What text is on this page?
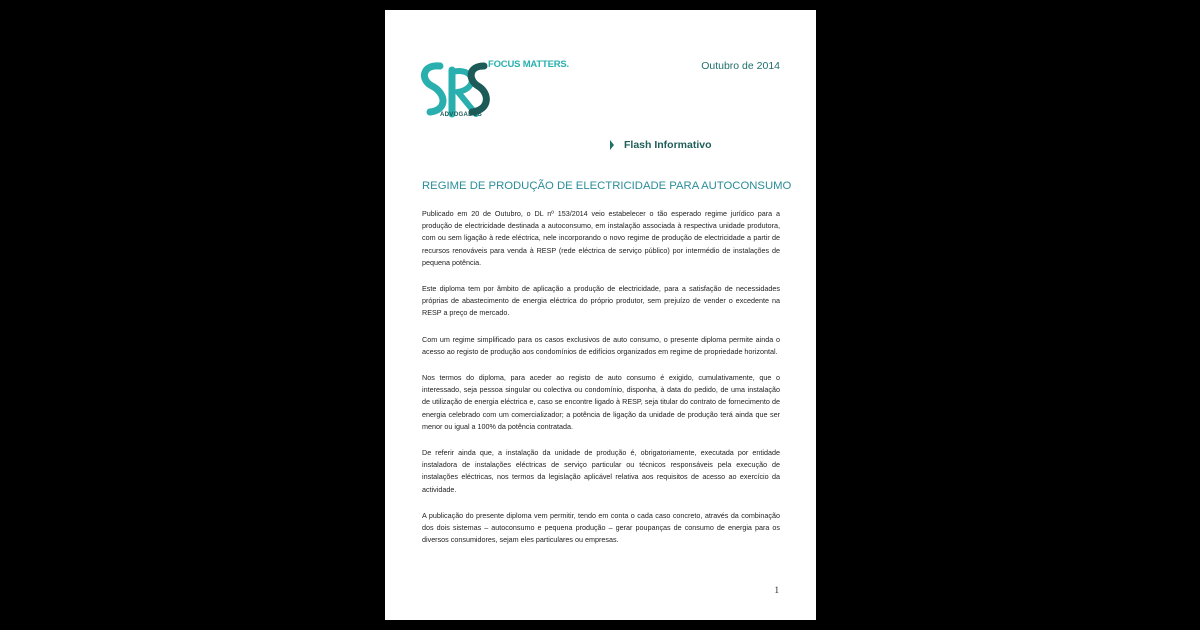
FOCUS MATTERS.
ADVOGADOS
Outubro de 2014
Flash Informativo
REGIME DE PRODUÇÃO DE ELECTRICIDADE PARA AUTOCONSUMO

Publicado em 20 de Outubro, o DL nº 153/2014 veio estabelecer o tão esperado regime jurídico para a produção de electricidade destinada a autoconsumo, em instalação associada à respectiva unidade produtora, com ou sem ligação à rede eléctrica, nele incorporando o novo regime de produção de electricidade a partir de recursos renováveis para venda à RESP (rede eléctrica de serviço público) por intermédio de instalações de pequena potência.

Este diploma tem por âmbito de aplicação a produção de electricidade, para a satisfação de necessidades próprias de abastecimento de energia eléctrica do próprio produtor, sem prejuízo de vender o excedente na RESP a preço de mercado.

Com um regime simplificado para os casos exclusivos de auto consumo, o presente diploma permite ainda o acesso ao registo de produção aos condomínios de edifícios organizados em regime de propriedade horizontal.

Nos termos do diploma, para aceder ao registo de auto consumo é exigido, cumulativamente, que o interessado, seja pessoa singular ou colectiva ou condomínio, disponha, à data do pedido, de uma instalação de utilização de energia eléctrica e, caso se encontre ligado à RESP, seja titular do contrato de fornecimento de energia celebrado com um comercializador; a potência de ligação da unidade de produção terá ainda que ser menor ou igual a 100% da potência contratada.

De referir ainda que, a instalação da unidade de produção é, obrigatoriamente, executada por entidade instaladora de instalações eléctricas de serviço particular ou técnicos responsáveis pela execução de instalações eléctricas, nos termos da legislação aplicável relativa aos requisitos de acesso ao exercício da actividade.

A publicação do presente diploma vem permitir, tendo em conta o cada caso concreto, através da combinação dos dois sistemas – autoconsumo e pequena produção – gerar poupanças de consumo de energia para os diversos consumidores, sejam eles particulares ou empresas.

1
